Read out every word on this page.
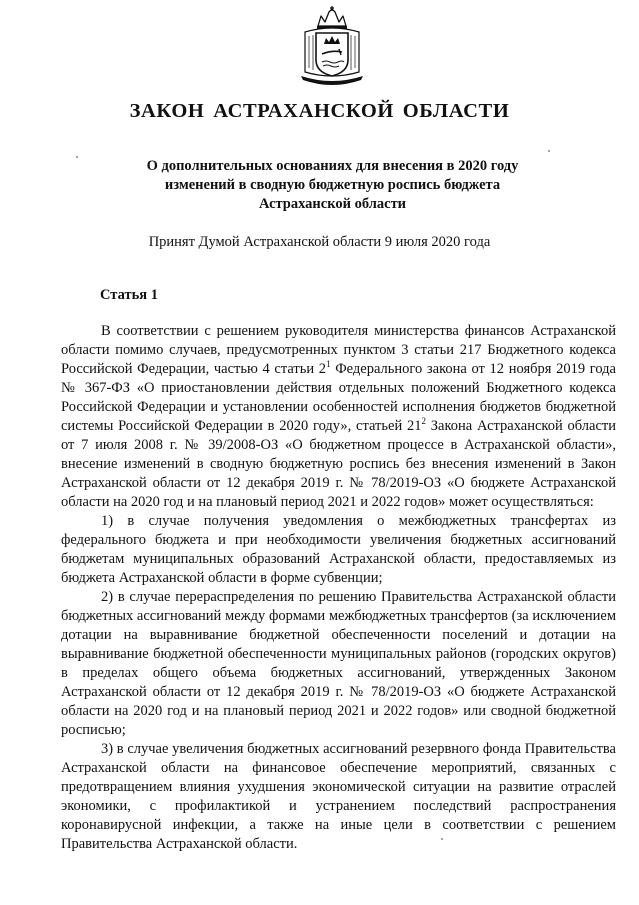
ЗАКОН АСТРАХАНСКОЙ ОБЛАСТИ
О дополнительных основаниях для внесения в 2020 году
изменений в сводную бюджетную роспись бюджета
Астраханской области
Принят Думой Астраханской области 9 июля 2020 года
Статья 1

В соответствии с решением руководителя министерства финансов Астраханской области помимо случаев, предусмотренных пунктом 3 статьи 217 Бюджетного кодекса Российской Федерации, частью 4 статьи $2^1$ Федерального закона от 12 ноября 2019 года № 367-ФЗ «О приостановлении действия отдельных положений Бюджетного кодекса Российской Федерации и установлении особенностей исполнения бюджетов бюджетной системы Российской Федерации в 2020 году», статьей $21^2$ Закона Астраханской области от 7 июля 2008 г. № 39/2008-ОЗ «О бюджетном процессе в Астраханской области», внесение изменений в сводную бюджетную роспись без внесения изменений в Закон Астраханской области от 12 декабря 2019 г. № 78/2019-ОЗ «О бюджете Астраханской области на 2020 год и на плановый период 2021 и 2022 годов» может осуществляться:

1) в случае получения уведомления о межбюджетных трансфертах из федерального бюджета и при необходимости увеличения бюджетных ассигнований бюджетам муниципальных образований Астраханской области, предоставляемых из бюджета Астраханской области в форме субвенции;

2) в случае перераспределения по решению Правительства Астраханской области бюджетных ассигнований между формами межбюджетных трансфертов (за исключением дотации на выравнивание бюджетной обеспеченности поселений и дотации на выравнивание бюджетной обеспеченности муниципальных районов (городских округов) в пределах общего объема бюджетных ассигнований, утвержденных Законом Астраханской области от 12 декабря 2019 г. № 78/2019-ОЗ «О бюджете Астраханской области на 2020 год и на плановый период 2021 и 2022 годов» или сводной бюджетной росписью;

3) в случае увеличения бюджетных ассигнований резервного фонда Правительства Астраханской области на финансовое обеспечение мероприятий, связанных с предотвращением влияния ухудшения экономической ситуации на развитие отраслей экономики, с профилактикой и устранением последствий распространения коронавирусной инфекции, а также на иные цели в соответствии с решением Правительства Астраханской области.
